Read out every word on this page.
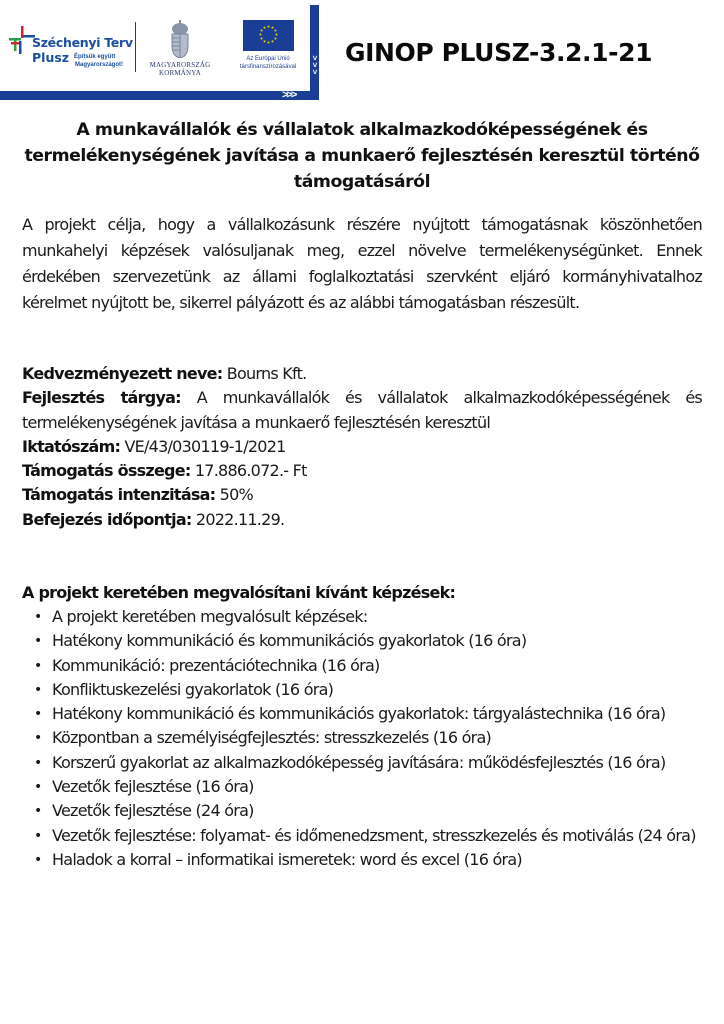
˅
˅
˅
>>>
Széchenyi Terv
Plusz Építsük együtt
Magyarországot!	MAGYARORSZÁG
KORMÁNYA
Az Európai Unió
társfinanszírozásával	GINOP PLUSZ-3.2.1-21
A munkavállalók és vállalatok alkalmazkodóképességének és termelékenységének javítása a munkaerő fejlesztésén keresztül történő támogatásáról
A projekt célja, hogy a vállalkozásunk részére nyújtott támogatásnak köszönhetően munkahelyi képzések valósuljanak meg, ezzel növelve termelékenységünket. Ennek érdekében szervezetünk az állami foglalkoztatási szervként eljáró kormányhivatalhoz kérelmet nyújtott be, sikerrel pályázott és az alábbi támogatásban részesült.

Kedvezményezett neve: Bourns Kft.

Fejlesztés tárgya: A munkavállalók és vállalatok alkalmazkodóképességének és termelékenységének javítása a munkaerő fejlesztésén keresztül

Iktatószám: VE/43/030119-1/2021

Támogatás összege: 17.886.072.- Ft

Támogatás intenzitása: 50%

Befejezés időpontja: 2022.11.29.

A projekt keretében megvalósítani kívánt képzések:
• A projekt keretében megvalósult képzések:
• Hatékony kommunikáció és kommunikációs gyakorlatok (16 óra)
• Kommunikáció: prezentációtechnika (16 óra)
• Konfliktuskezelési gyakorlatok (16 óra)
• Hatékony kommunikáció és kommunikációs gyakorlatok: tárgyalástechnika (16 óra)
• Központban a személyiségfejlesztés: stresszkezelés (16 óra)
• Korszerű gyakorlat az alkalmazkodóképesség javítására: működésfejlesztés (16 óra)
• Vezetők fejlesztése (16 óra)
• Vezetők fejlesztése (24 óra)
• Vezetők fejlesztése: folyamat- és időmenedzsment, stresszkezelés és motiválás (24 óra)
• Haladok a korral – informatikai ismeretek: word és excel (16 óra)
